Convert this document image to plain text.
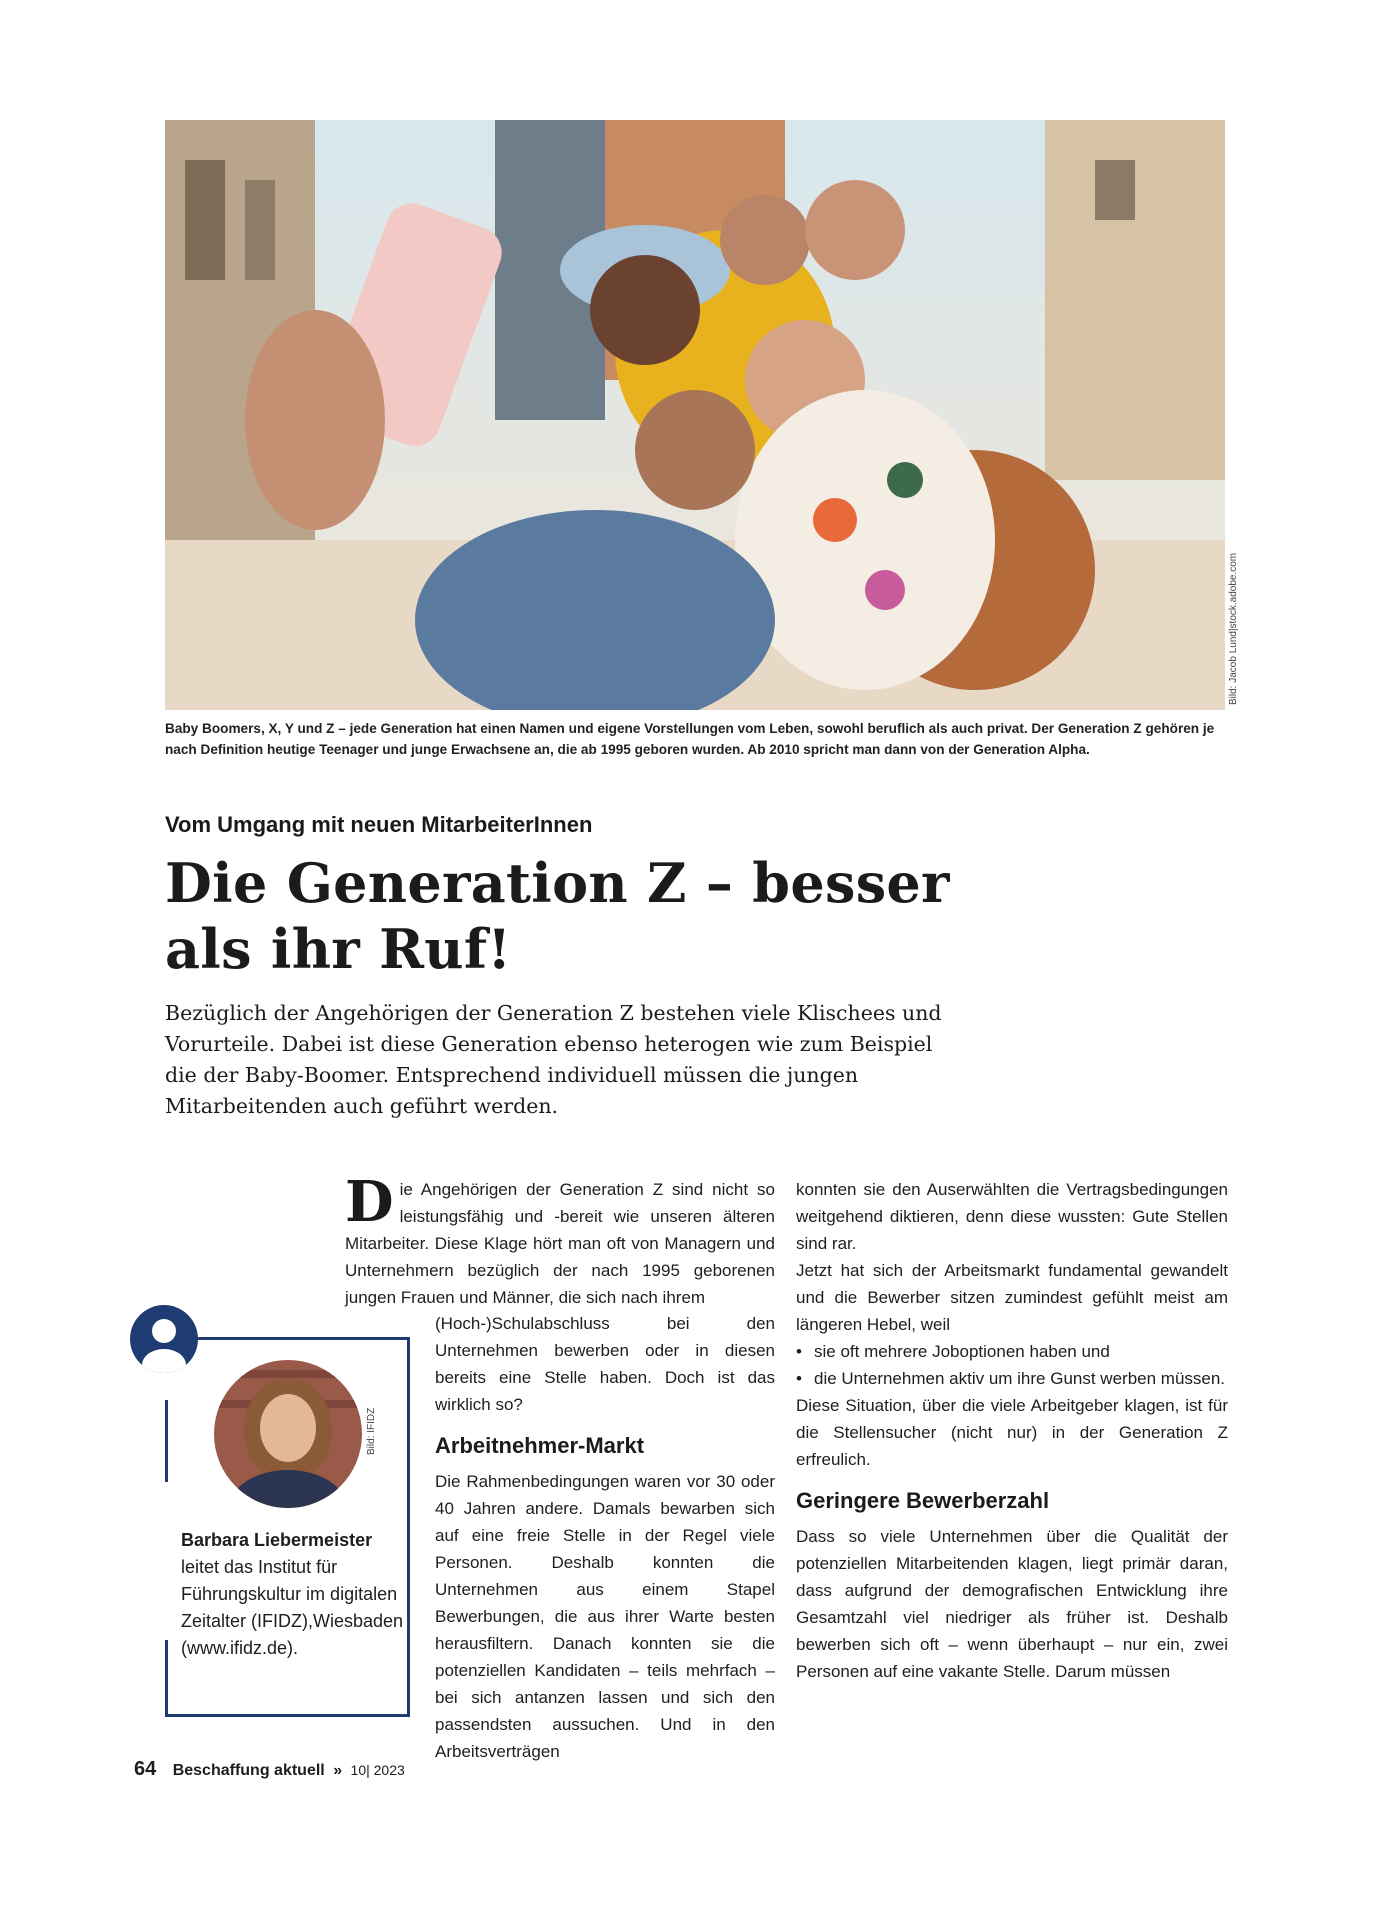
Bild: Jacob Lund|stock.adobe.com
Baby Boomers, X, Y und Z – jede Generation hat einen Namen und eigene Vorstellungen vom Leben, sowohl beruflich als auch privat. Der Generation Z gehören je nach Definition heutige Teenager und junge Erwachsene an, die ab 1995 geboren wurden. Ab 2010 spricht man dann von der Generation Alpha.
Vom Umgang mit neuen MitarbeiterInnen
Die Generation Z – besser
als ihr Ruf!

Bezüglich der Angehörigen der Generation Z bestehen viele Klischees und Vorurteile. Dabei ist diese Generation ebenso heterogen wie zum Beispiel die der Baby-Boomer. Entsprechend individuell müssen die jungen Mitarbeitenden auch geführt werden.

Die Angehörigen der Generation Z sind nicht so leistungsfähig und -bereit wie unseren älteren Mitarbeiter. Diese Klage hört man oft von Managern und Unternehmern bezüglich der nach 1995 geborenen jungen Frauen und Männer, die sich nach ihrem

(Hoch-)Schulabschluss bei den Unternehmen bewerben oder in diesen bereits eine Stelle haben. Doch ist das wirklich so?

Arbeitnehmer-Markt

Die Rahmenbedingungen waren vor 30 oder 40 Jahren andere. Damals bewarben sich auf eine freie Stelle in der Regel viele Personen. Deshalb konnten die Unternehmen aus einem Stapel Bewerbungen, die aus ihrer Warte besten herausfiltern. Danach konnten sie die potenziellen Kandidaten – teils mehrfach – bei sich antanzen lassen und sich den passendsten aussuchen. Und in den Arbeitsverträgen

konnten sie den Auserwählten die Vertragsbedingungen weitgehend diktieren, denn diese wussten: Gute Stellen sind rar.

Jetzt hat sich der Arbeitsmarkt fundamental gewandelt und die Bewerber sitzen zumindest gefühlt meist am längeren Hebel, weil

• sie oft mehrere Joboptionen haben und
• die Unternehmen aktiv um ihre Gunst werben müssen.

Diese Situation, über die viele Arbeitgeber klagen, ist für die Stellensucher (nicht nur) in der Generation Z erfreulich.

Geringere Bewerberzahl

Dass so viele Unternehmen über die Qualität der potenziellen Mitarbeitenden klagen, liegt primär daran, dass aufgrund der demografischen Entwicklung ihre Gesamtzahl viel niedriger als früher ist. Deshalb bewerben sich oft – wenn überhaupt – nur ein, zwei Personen auf eine vakante Stelle. Darum müssen

Bild: IFIDZ
Barbara Liebermeister leitet das Institut für Führungskultur im digitalen Zeitalter (IFIDZ),Wiesbaden (www.ifidz.de).
64 Beschaffung aktuell » 10| 2023
